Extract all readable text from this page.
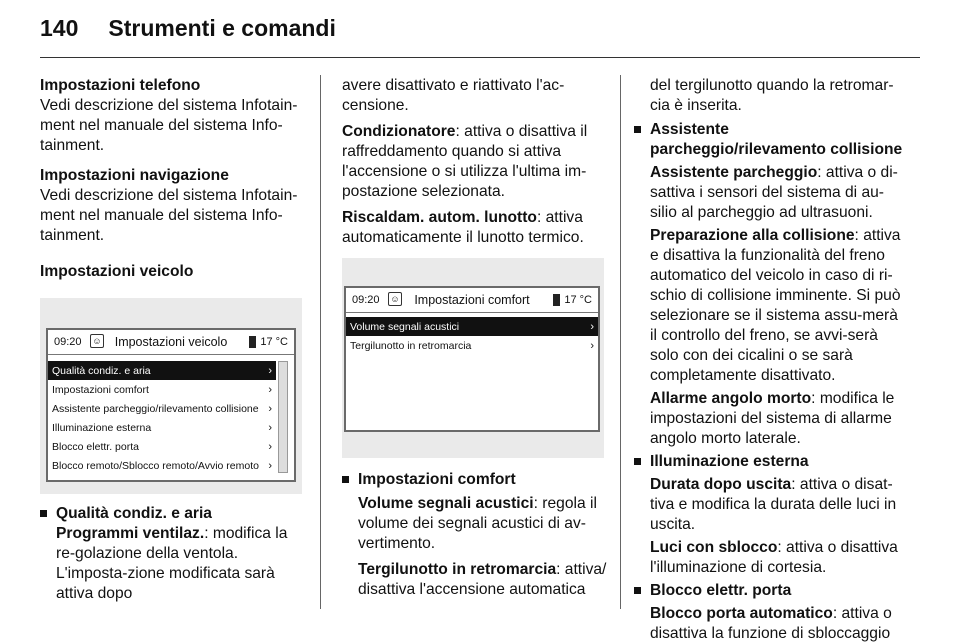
140 Strumenti e comandi
Impostazioni telefono

Vedi descrizione del sistema Infotain-ment nel manuale del sistema Info-tainment.

Impostazioni navigazione

Vedi descrizione del sistema Infotain-ment nel manuale del sistema Info-tainment.

Impostazioni veicolo
09:20 ☺	Impostazioni veicolo	17 °C
Qualità condiz. e aria	›
Impostazioni comfort	›
Assistente parcheggio/rilevamento collisione ›
Illuminazione esterna	›
Blocco elettr. porta	›
Blocco remoto/Sblocco remoto/Avvio remoto ›
Qualità condiz. e aria

Programmi ventilaz.: modifica la re-golazione della ventola. L'imposta-zione modificata sarà attiva dopo

avere disattivato e riattivato l'ac-censione.

Condizionatore: attiva o disattiva il raffreddamento quando si attiva l'accensione o si utilizza l'ultima im-postazione selezionata.

Riscaldam. autom. lunotto: attiva automaticamente il lunotto termico.

09:20 ☺	Impostazioni comfort	17 °C
Volume segnali acustici	›
Tergilunotto in retromarcia	›
Impostazioni comfort

Volume segnali acustici: regola il volume dei segnali acustici di av-vertimento.

Tergilunotto in retromarcia: attiva/ disattiva l'accensione automatica

del tergilunotto quando la retromar-cia è inserita.

Assistente parcheggio/rilevamento collisione

Assistente parcheggio: attiva o di-sattiva i sensori del sistema di au-silio al parcheggio ad ultrasuoni.

Preparazione alla collisione: attiva e disattiva la funzionalità del freno automatico del veicolo in caso di ri-schio di collisione imminente. Si può selezionare se il sistema assu-merà il controllo del freno, se avvi-serà solo con dei cicalini o se sarà completamente disattivato.

Allarme angolo morto: modifica le impostazioni del sistema di allarme angolo morto laterale.

Illuminazione esterna

Durata dopo uscita: attiva o disat-tiva e modifica la durata delle luci in uscita.

Luci con sblocco: attiva o disattiva l'illuminazione di cortesia.

Blocco elettr. porta

Blocco porta automatico: attiva o disattiva la funzione di sbloccaggio
